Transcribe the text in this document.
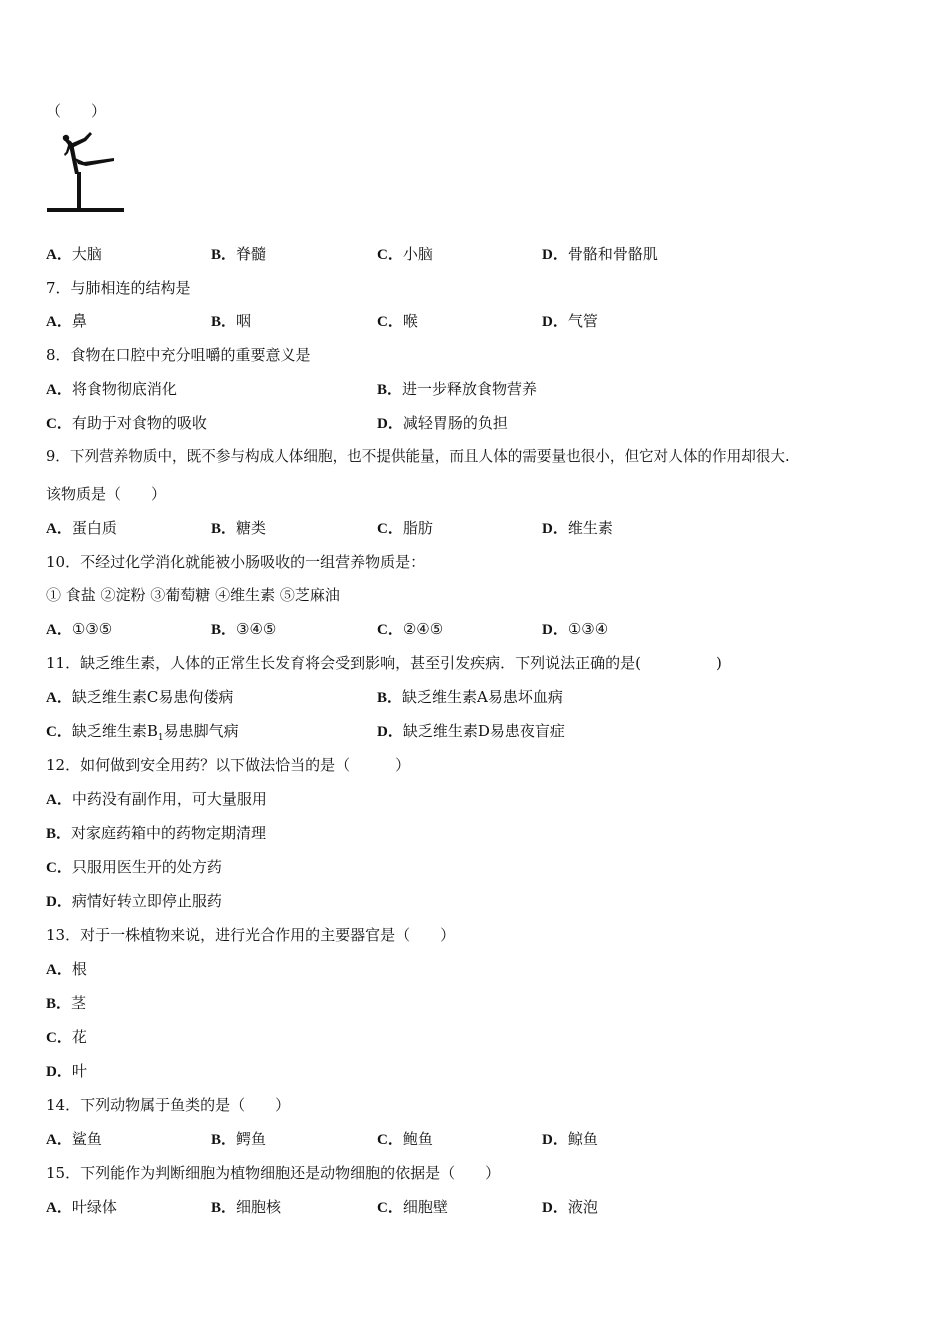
（　　）
A．大脑	B．脊髓	C．小脑	D．骨骼和骨骼肌
7．与肺相连的结构是
A．鼻	B．咽	C．喉	D．气管
8．食物在口腔中充分咀嚼的重要意义是
A．将食物彻底消化	B．进一步释放食物营养
C．有助于对食物的吸收	D．减轻胃肠的负担
9．下列营养物质中，既不参与构成人体细胞，也不提供能量，而且人体的需要量也很小，但它对人体的作用却很大.
该物质是（　　）
A．蛋白质	B．糖类	C．脂肪	D．维生素
10．不经过化学消化就能被小肠吸收的一组营养物质是：
① 食盐 ②淀粉 ③葡萄糖 ④维生素 ⑤芝麻油
A．①③⑤	B．③④⑤	C．②④⑤	D．①③④
11．缺乏维生素，人体的正常生长发育将会受到影响，甚至引发疾病．下列说法正确的是(　　　　　)
A．缺乏维生素C易患佝偻病	B．缺乏维生素A易患坏血病
C．缺乏维生素$B_1$易患脚气病	D．缺乏维生素D易患夜盲症
12．如何做到安全用药？以下做法恰当的是（　　　）
A．中药没有副作用，可大量服用
B．对家庭药箱中的药物定期清理
C．只服用医生开的处方药
D．病情好转立即停止服药
13．对于一株植物来说，进行光合作用的主要器官是（　　）
A．根
B．茎
C．花
D．叶
14．下列动物属于鱼类的是（　　）
A．鲨鱼	B．鳄鱼	C．鲍鱼	D．鲸鱼
15．下列能作为判断细胞为植物细胞还是动物细胞的依据是（　　）
A．叶绿体	B．细胞核	C．细胞壁	D．液泡
